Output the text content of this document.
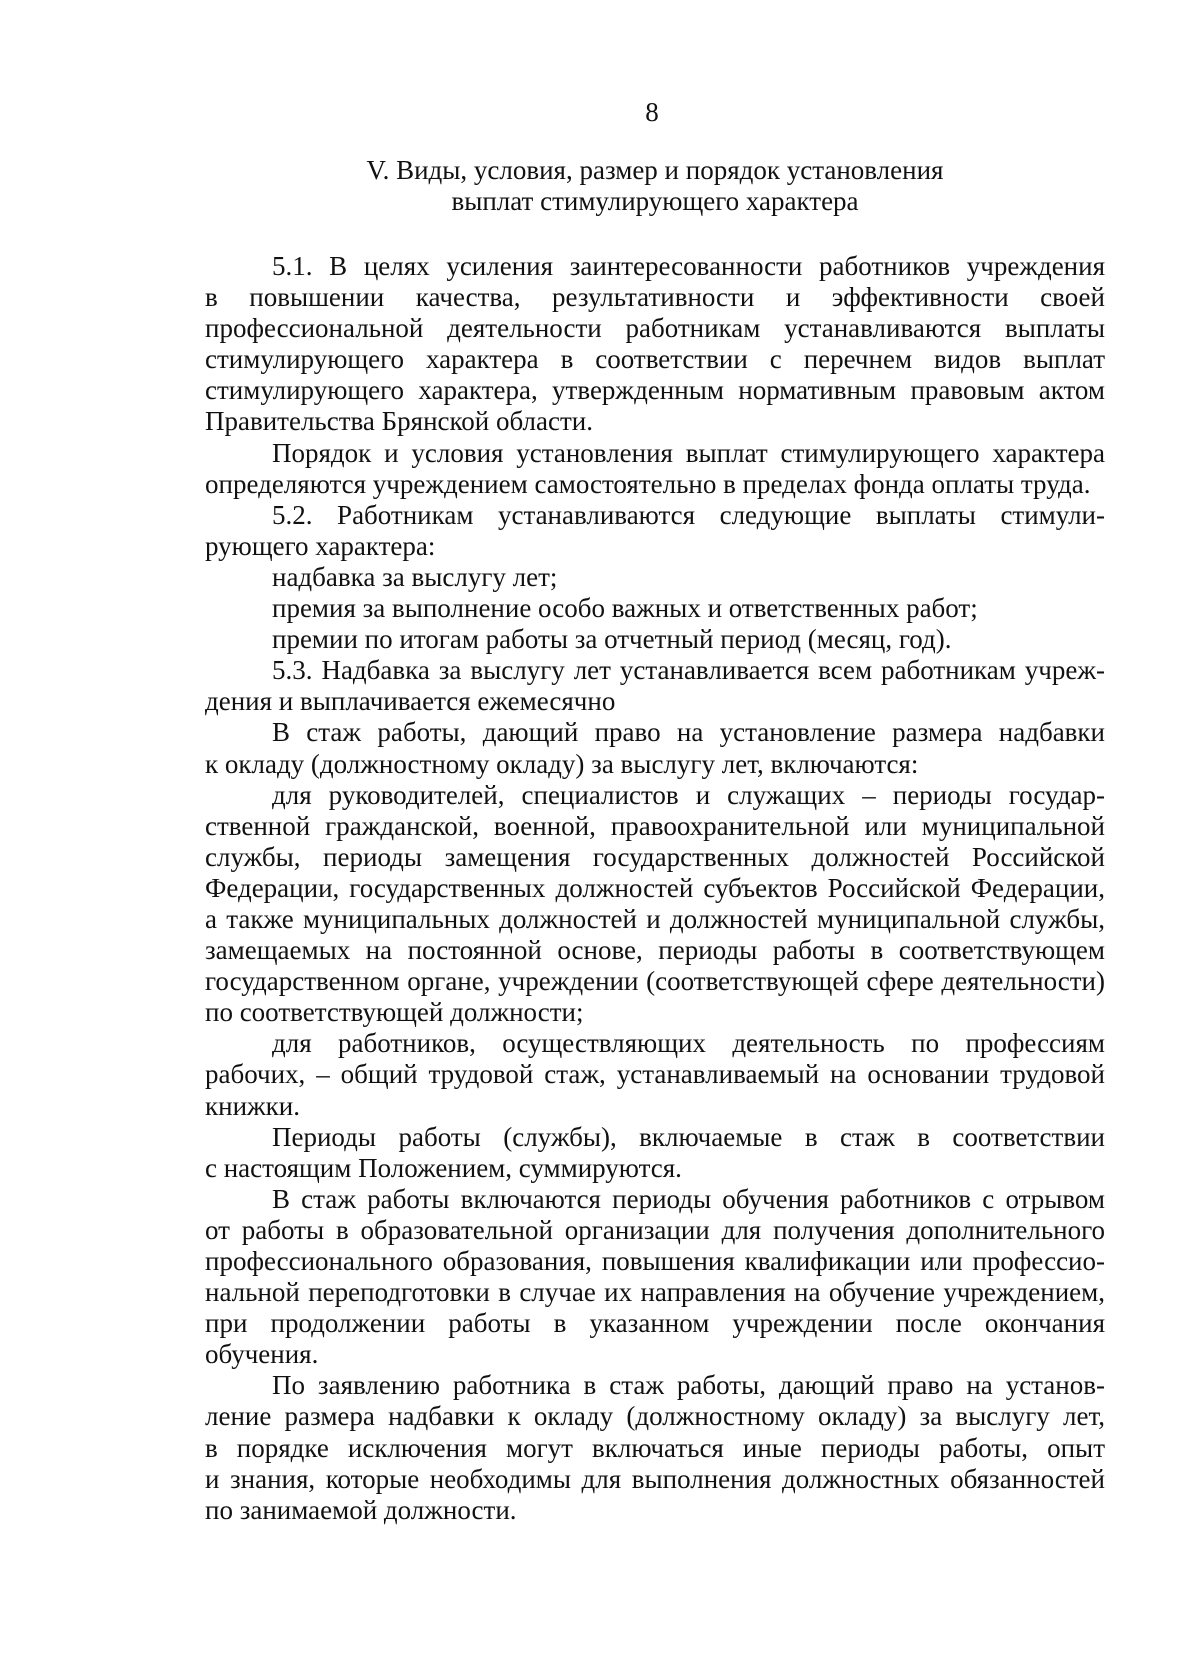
8
V. Виды, условия, размер и порядок установления
выплат стимулирующего характера
5.1. В целях усиления заинтересованности работников учреждения
в повышении качества, результативности и эффективности своей
профессиональной деятельности работникам устанавливаются выплаты
стимулирующего характера в соответствии с перечнем видов выплат
стимулирующего характера, утвержденным нормативным правовым актом
Правительства Брянской области.
Порядок и условия установления выплат стимулирующего характера
определяются учреждением самостоятельно в пределах фонда оплаты труда.
5.2. Работникам устанавливаются следующие выплаты стимули-
рующего характера:
надбавка за выслугу лет;
премия за выполнение особо важных и ответственных работ;
премии по итогам работы за отчетный период (месяц, год).
5.3. Надбавка за выслугу лет устанавливается всем работникам учреж-
дения и выплачивается ежемесячно
В стаж работы, дающий право на установление размера надбавки
к окладу (должностному окладу) за выслугу лет, включаются:
для руководителей, специалистов и служащих – периоды государ-
ственной гражданской, военной, правоохранительной или муниципальной
службы, периоды замещения государственных должностей Российской
Федерации, государственных должностей субъектов Российской Федерации,
а также муниципальных должностей и должностей муниципальной службы,
замещаемых на постоянной основе, периоды работы в соответствующем
государственном органе, учреждении (соответствующей сфере деятельности)
по соответствующей должности;
для работников, осуществляющих деятельность по профессиям
рабочих, – общий трудовой стаж, устанавливаемый на основании трудовой
книжки.
Периоды работы (службы), включаемые в стаж в соответствии
с настоящим Положением, суммируются.
В стаж работы включаются периоды обучения работников с отрывом
от работы в образовательной организации для получения дополнительного
профессионального образования, повышения квалификации или профессио-
нальной переподготовки в случае их направления на обучение учреждением,
при продолжении работы в указанном учреждении после окончания
обучения.
По заявлению работника в стаж работы, дающий право на установ-
ление размера надбавки к окладу (должностному окладу) за выслугу лет,
в порядке исключения могут включаться иные периоды работы, опыт
и знания, которые необходимы для выполнения должностных обязанностей
по занимаемой должности.
